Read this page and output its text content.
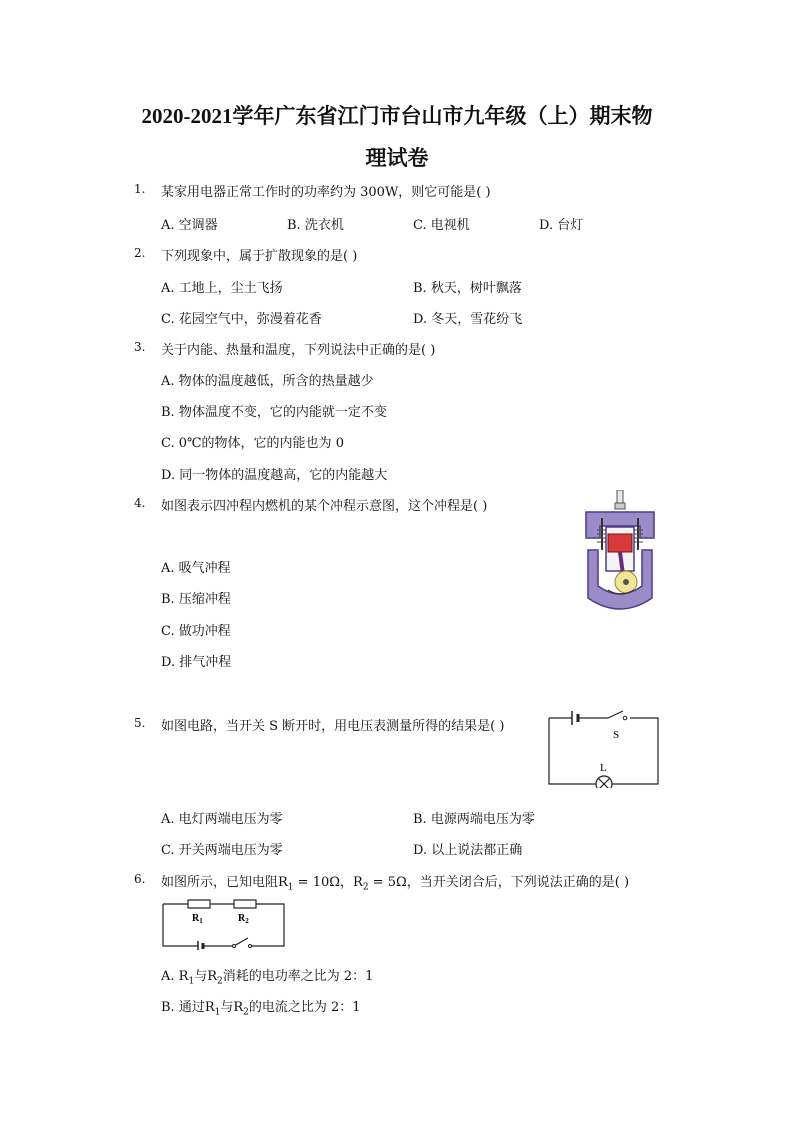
2020-2021学年广东省江门市台山市九年级（上）期末物
理试卷
1. 某家用电器正常工作时的功率约为 300W，则它可能是( )
A. 空调器	B. 洗衣机	C. 电视机	D. 台灯
2. 下列现象中，属于扩散现象的是( )
A. 工地上，尘土飞扬	B. 秋天，树叶飘落
C. 花园空气中，弥漫着花香	D. 冬天，雪花纷飞
3. 关于内能、热量和温度，下列说法中正确的是( )
A. 物体的温度越低，所含的热量越少
B. 物体温度不变，它的内能就一定不变
C. 0℃的物体，它的内能也为 0
D. 同一物体的温度越高，它的内能越大
4. 如图表示四冲程内燃机的某个冲程示意图，这个冲程是( )
A. 吸气冲程
B. 压缩冲程
C. 做功冲程
D. 排气冲程
5. 如图电路，当开关 S 断开时，用电压表测量所得的结果是( )
S
L
A. 电灯两端电压为零	B. 电源两端电压为零
C. 开关两端电压为零	D. 以上说法都正确
6. 如图所示，已知电阻$R_1 = 10\Omega$，$R_2 = 5\Omega$，当开关闭合后，下列说法正确的是( )
$R_1$	$R_2$
A. $R_1$与$R_2$消耗的电功率之比为 2：1
B. 通过$R_1$与$R_2$的电流之比为 2：1
